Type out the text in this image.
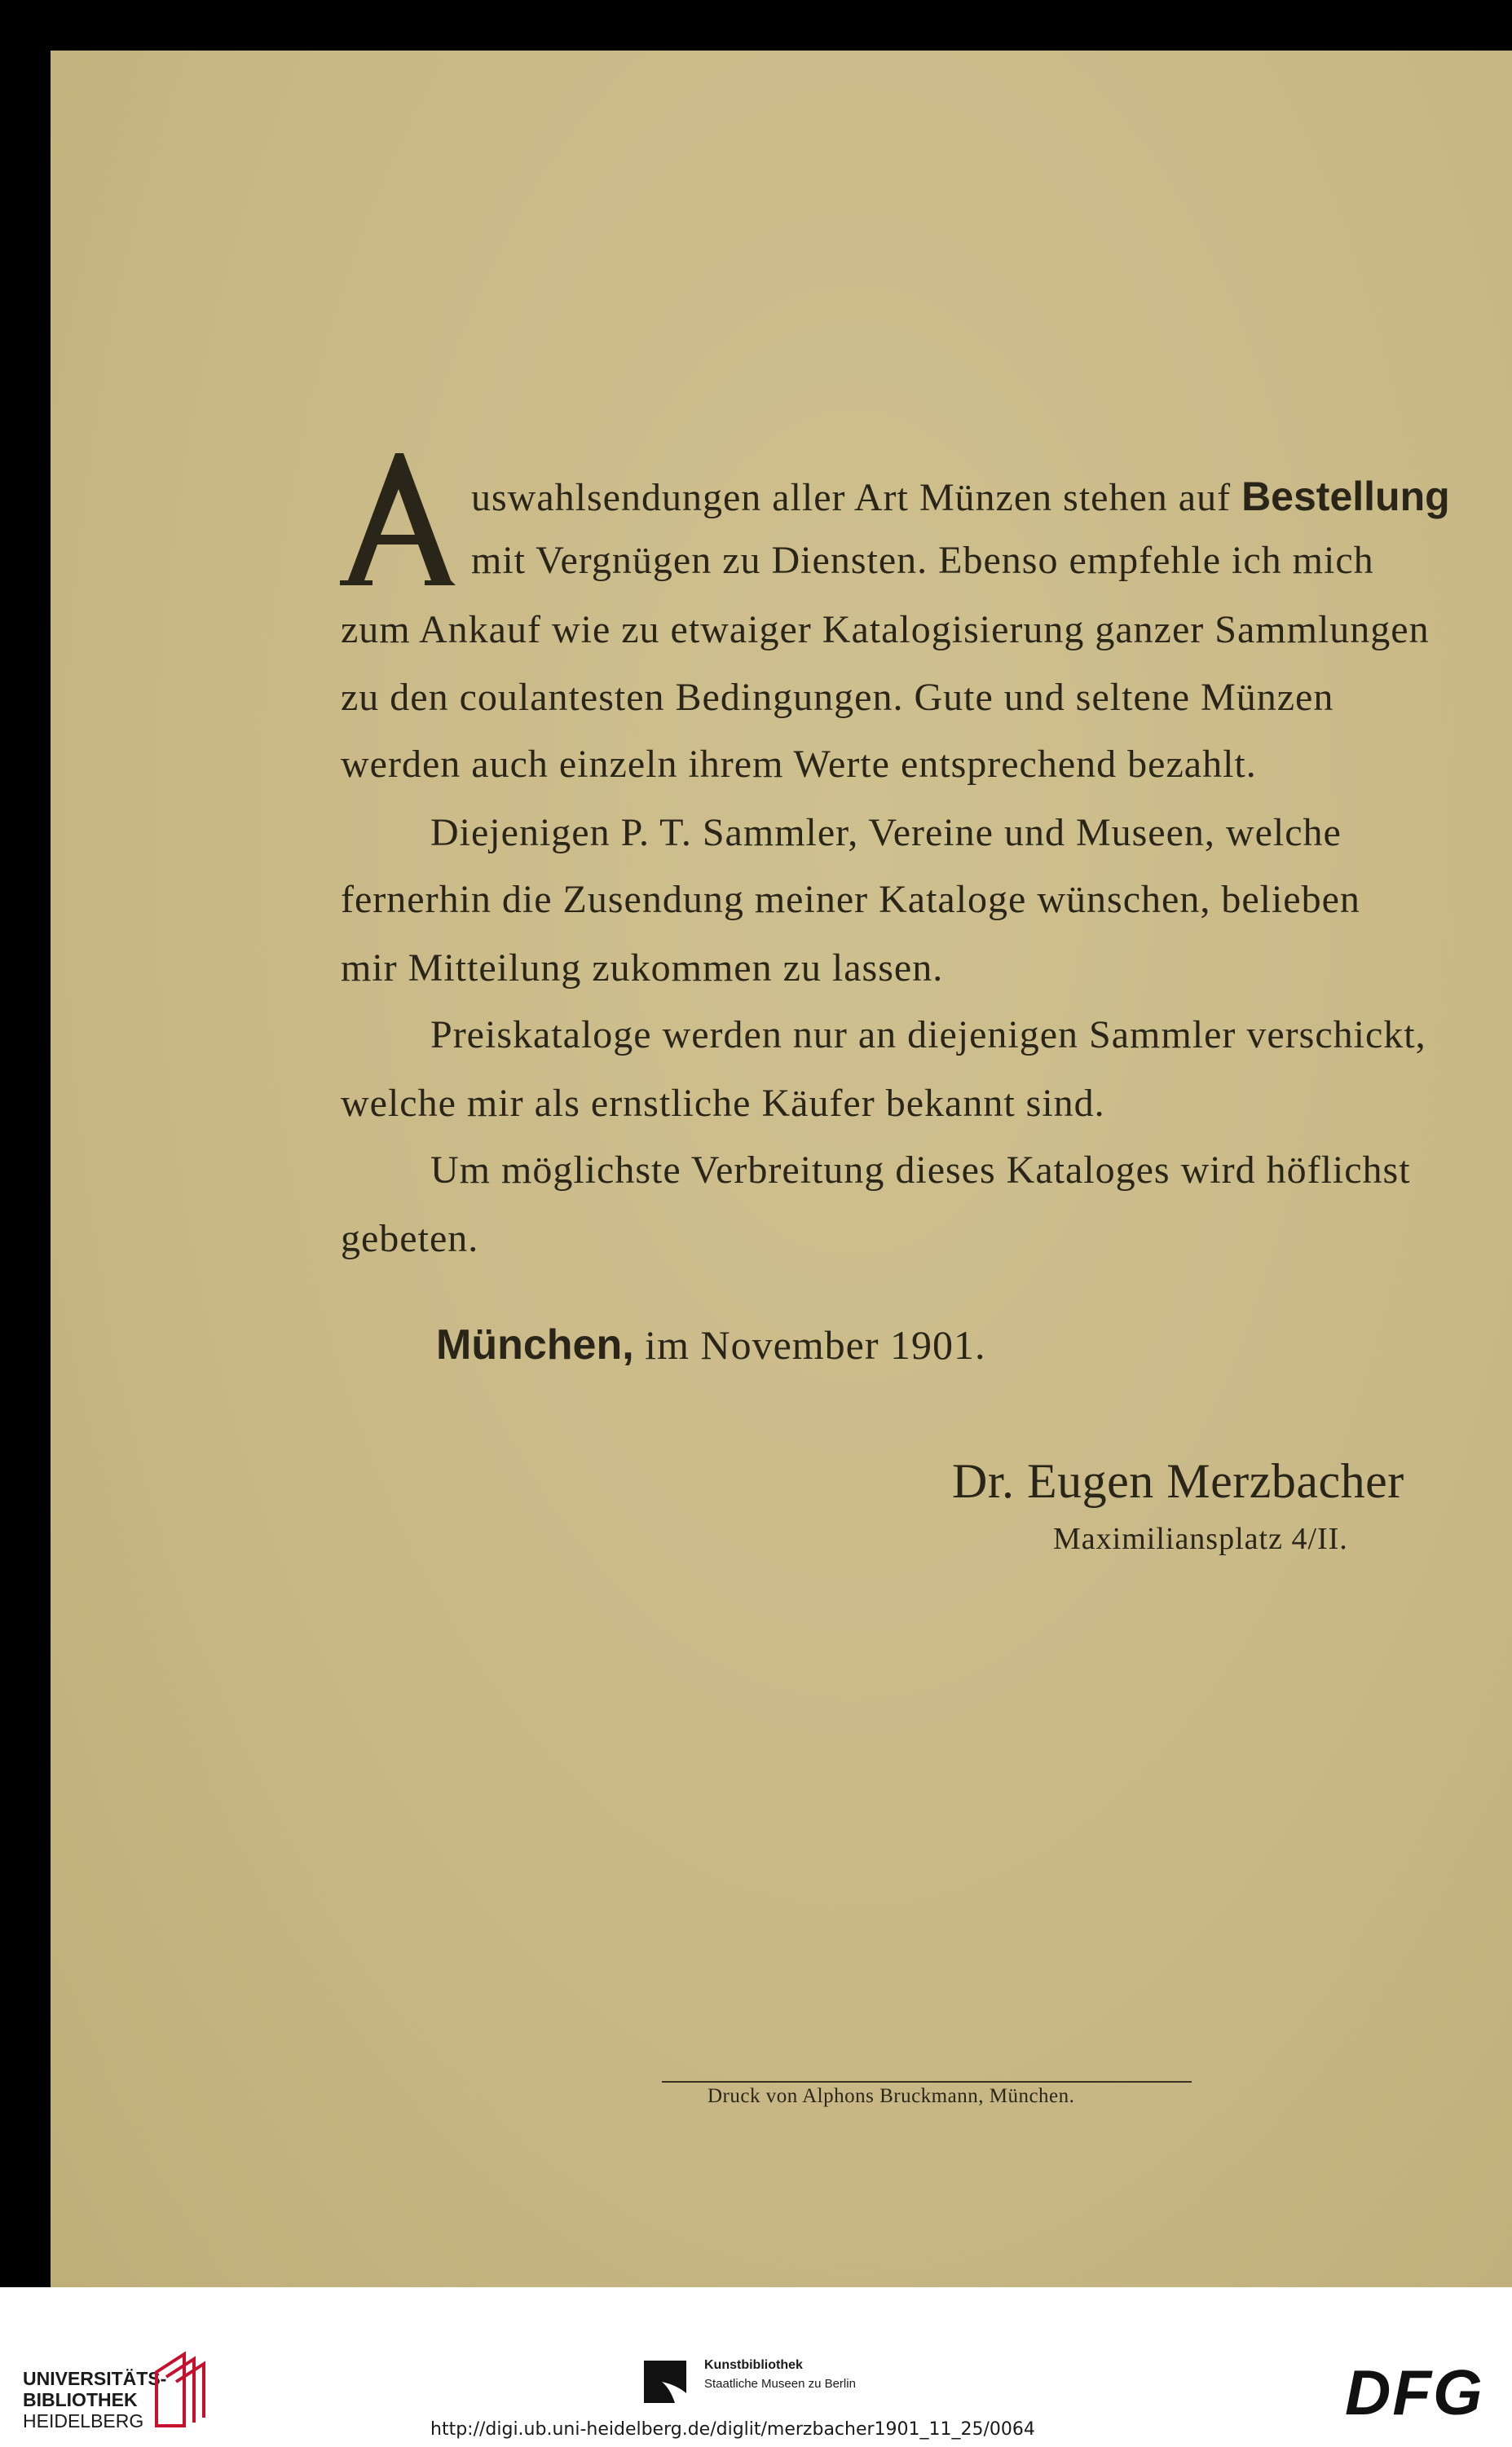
A
uswahlsendungen aller Art Münzen stehen auf Bestellung
mit Vergnügen zu Diensten. Ebenso empfehle ich mich
zum Ankauf wie zu etwaiger Katalogisierung ganzer Sammlungen
zu den coulantesten Bedingungen. Gute und seltene Münzen
werden auch einzeln ihrem Werte entsprechend bezahlt.
Diejenigen P. T. Sammler, Vereine und Museen, welche
fernerhin die Zusendung meiner Kataloge wünschen, belieben
mir Mitteilung zukommen zu lassen.
Preiskataloge werden nur an diejenigen Sammler verschickt,
welche mir als ernstliche Käufer bekannt sind.
Um möglichste Verbreitung dieses Kataloges wird höflichst
gebeten.
München, im November 1901.
Dr. Eugen Merzbacher
Maximiliansplatz 4/II.
Druck von Alphons Bruckmann, München.
UNIVERSITÄTS-
BIBLIOTHEK
HEIDELBERG
Kunstbibliothek
Staatliche Museen zu Berlin	DFG
http://digi.ub.uni-heidelberg.de/diglit/merzbacher1901_11_25/0064
